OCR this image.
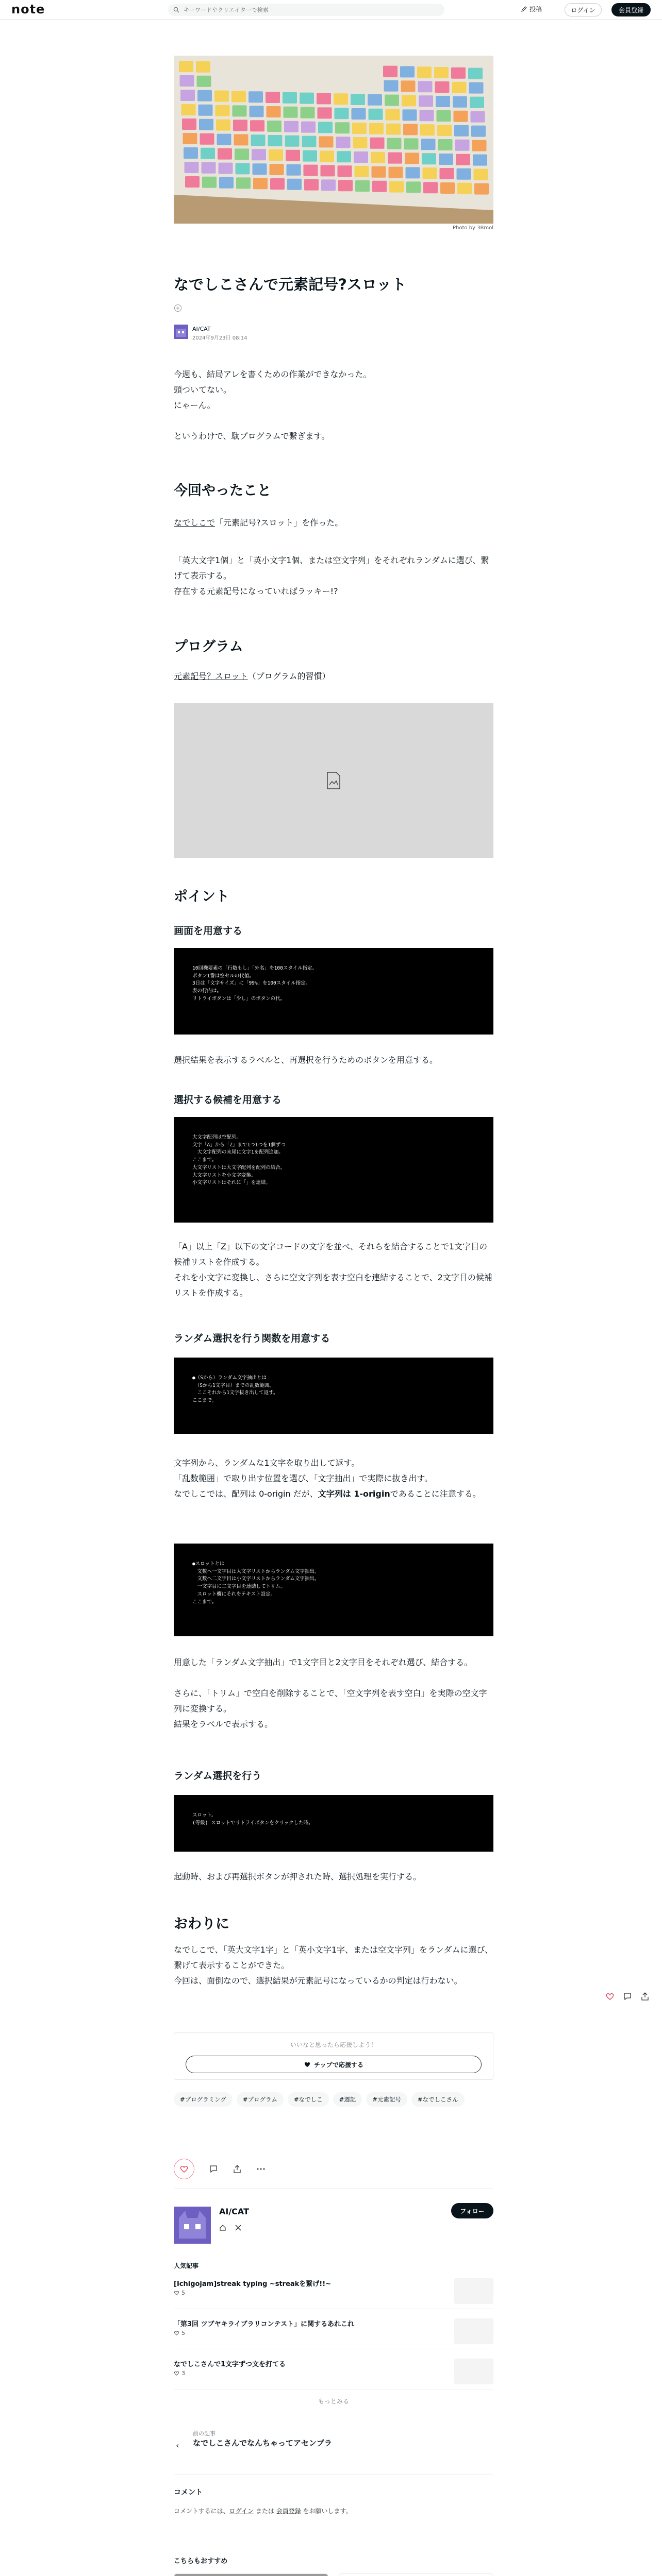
note
キーワードやクリエイターで検索	投稿	ログイン	会員登録
Photo by 3Bmol
なでしこさんで元素記号?スロット
AI/CAT
2024年9月23日 08:14
今週も、結局アレを書くための作業ができなかった。
頭ついてない。
にゃーん。
というわけで、駄プログラムで繋ぎます。
今回やったこと
なでしこで「元素記号?スロット」を作った。
「英大文字1個」と「英小文字1個、または空文字列」をそれぞれランダムに選び、繋げて表示する。
存在する元素記号になっていればラッキー!?
プログラム
元素記号？スロット（プログラム的習慣）
ポイント
画面を用意する
10回機要素の「行数もし」「外名」を100スタイル指定。
ボタン1番は空セルの代値。
3日は「文字サイズ」に「99%」を100スタイル指定。
表の行内は。
リトライボタンは「少し」のボタンの代。
選択結果を表示するラベルと、再選択を行うためのボタンを用意する。
選択する候補を用意する
大文字配列は空配列。
文字「A」から「Z」まで1つ1つを1個ずつ
　大文字配列の末尾に文字1を配列追加。
ここまで。
大文字リストは大文字配列を配列の結合。
大文字リストを小文字変換。
小文字リストはそれに「」を連結。
「A」以上「Z」以下の文字コードの文字を並べ、それらを結合することで1文字目の候補リストを作成する。
それを小文字に変換し、さらに空文字列を表す空白を連結することで、2文字目の候補リストを作成する。
ランダム選択を行う関数を用意する
●（Sから）ランダム文字抽出とは
　（Sから1文字目）までの乱数範囲。
　ここそれから1文字抜き出して返す。
ここまで。
文字列から、ランダムな1文字を取り出して返す。
「乱数範囲」で取り出す位置を選び、「文字抽出」で実際に抜き出す。
なでしこでは、配列は 0-origin だが、文字列は 1-originであることに注意する。
●スロットとは
　文数へ一文字目は大文字リストからランダム文字抽出。
　文数へ二文字目は小文字リストからランダム文字抽出。
　一文字目に二文字目を連結してトリム。
　スロット欄にそれをテキスト設定。
ここまで。
用意した「ランダム文字抽出」で1文字目と2文字目をそれぞれ選び、結合する。
さらに、「トリム」で空白を削除することで、「空文字列を表す空白」を実際の空文字列に変換する。
結果をラベルで表示する。
ランダム選択を行う
スロット。
(等級) スロットでリトライボタンをクリックした時。
起動時、および再選択ボタンが押された時、選択処理を実行する。
おわりに
なでしこで、「英大文字1字」と「英小文字1字、または空文字列」をランダムに選び、繋げて表示することができた。
今回は、面倒なので、選択結果が元素記号になっているかの判定は行わない。
いいなと思ったら応援しよう！
チップで応援する
#プログラミング	#プログラム	#なでしこ	#週記	#元素記号	#なでしこさん
AI/CAT	フォロー
人気記事
[Ichigojam]streak typing ~streakを繋げ!!~
5
「第3回 ツブヤキライブラリコンテスト」に関するあれこれ
5
なでしこさんで1文字ずつ文を打てる
3
もっとみる
‹
前の記事
なでしこさんでなんちゃってアセンブラ
コメント
コメントするには、ログイン または 会員登録 をお願いします。
こちらもおすすめ
